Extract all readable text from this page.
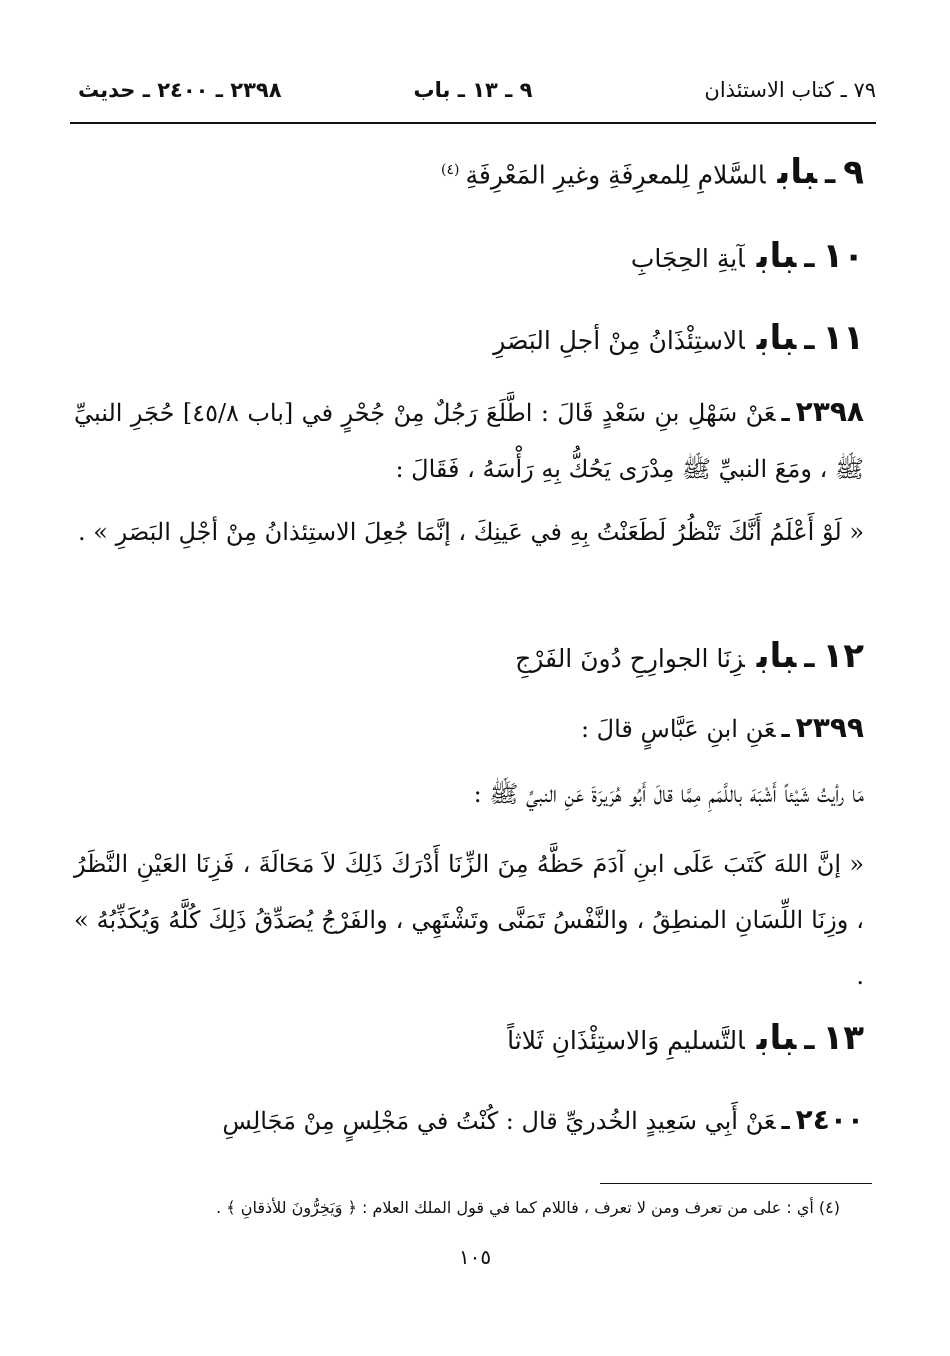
٧٩ ـ كتاب الاستئذان
٩ ـ ١٣ ـ باب
٢٣٩٨ ـ ٢٤٠٠ ـ حديث
٩ـبابالسَّلامِ لِلمعرِفَةِ وغيرِ المَعْرِفَةِ$^{(٤)}$
١٠ـبابآيةِ الحِجَابِ
١١ـبابالاستِئْذَانُ مِنْ أجلِ البَصَرِ
٢٣٩٨ـعَنْ سَهْلِ بنِ سَعْدٍ قَالَ : اطَّلَعَ رَجُلٌ مِنْ جُحْرٍ في [باب ٤٥/٨] حُجَرِ النبيِّ ﷺ ، ومَعَ النبيِّ ﷺ مِدْرَى يَحُكُّ بِهِ رَأْسَهُ ، فَقَالَ :
« لَوْ أَعْلَمُ أَنَّكَ تَنْظُرُ لَطَعَنْتُ بِهِ في عَينِكَ ، إنَّمَا جُعِلَ الاستِئذانُ مِنْ أجْلِ البَصَرِ » .
١٢ـبابزِنَا الجوارِحِ دُونَ الفَرْجِ
٢٣٩٩ـعَنِ ابنِ عَبَّاسٍ قالَ :
مَا رأيتُ شَيْئاً أَشْبَهَ باللَّمَمِ مِمَّا قالَ أَبُو هُرَيرَةَ عَنِ النبيِّ ﷺ :
« إنَّ اللهَ كَتَبَ عَلَى ابنِ آدَمَ حَظَّهُ مِنَ الزِّنَا أَدْرَكَ ذَلِكَ لاَ مَحَالَةَ ، فَزِنَا العَيْنِ النَّظَرُ ، وزِنَا اللِّسَانِ المنطِقُ ، والنَّفْسُ تَمَنَّى وتَشْتَهِي ، والفَرْجُ يُصَدِّقُ ذَلِكَ كُلَّهُ وَيُكَذِّبُهُ » .
١٣ـبابالتَّسليمِ وَالاستِئْذَانِ ثَلاثاً
٢٤٠٠ـعَنْ أَبِي سَعِيدٍ الخُدريِّ قال : كُنْتُ في مَجْلِسٍ مِنْ مَجَالِسِ
(٤) أي : على من تعرف ومن لا تعرف ، فاللام كما في قول الملك العلام : ﴿ وَيَخِرُّونَ للأذقانِ ﴾ .
١٠٥
